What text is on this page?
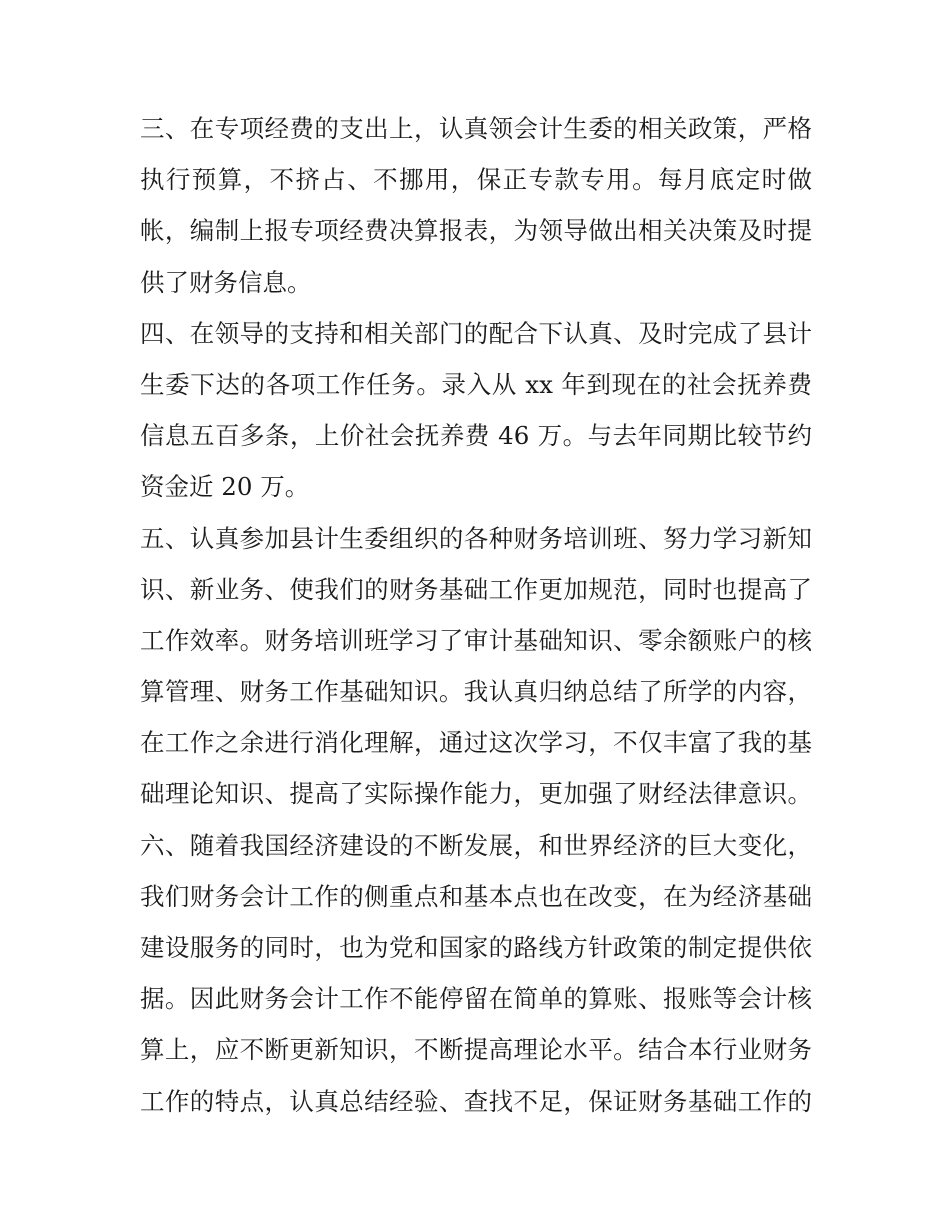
三、在专项经费的支出上，认真领会计生委的相关政策，严格
执行预算，不挤占、不挪用，保正专款专用。每月底定时做
帐，编制上报专项经费决算报表，为领导做出相关决策及时提
供了财务信息。
四、在领导的支持和相关部门的配合下认真、及时完成了县计
生委下达的各项工作任务。录入从 xx 年到现在的社会抚养费
信息五百多条，上价社会抚养费 46 万。与去年同期比较节约
资金近 20 万。
五、认真参加县计生委组织的各种财务培训班、努力学习新知
识、新业务、使我们的财务基础工作更加规范，同时也提高了
工作效率。财务培训班学习了审计基础知识、零余额账户的核
算管理、财务工作基础知识。我认真归纳总结了所学的内容，
在工作之余进行消化理解，通过这次学习，不仅丰富了我的基
础理论知识、提高了实际操作能力，更加强了财经法律意识。
六、随着我国经济建设的不断发展，和世界经济的巨大变化，
我们财务会计工作的侧重点和基本点也在改变，在为经济基础
建设服务的同时，也为党和国家的路线方针政策的制定提供依
据。因此财务会计工作不能停留在简单的算账、报账等会计核
算上，应不断更新知识，不断提高理论水平。结合本行业财务
工作的特点，认真总结经验、查找不足，保证财务基础工作的
